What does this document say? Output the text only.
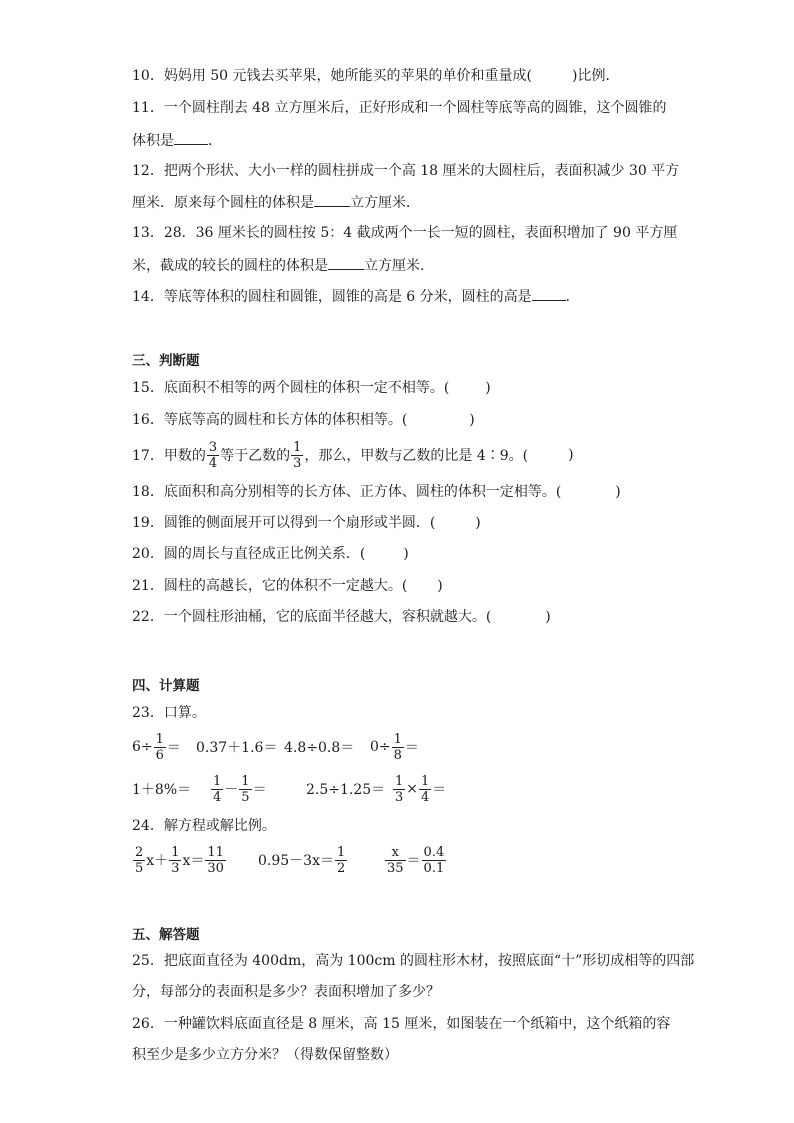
10．妈妈用 50 元钱去买苹果，她所能买的苹果的单价和重量成(	)比例．
11．一个圆柱削去 48 立方厘米后，正好形成和一个圆柱等底等高的圆锥，这个圆锥的
体积是 ．
12．把两个形状、大小一样的圆柱拼成一个高 18 厘米的大圆柱后，表面积减少 30 平方
厘米．原来每个圆柱的体积是	立方厘米．
13．28．36 厘米长的圆柱按 5：4 截成两个一长一短的圆柱，表面积增加了 90 平方厘
米，截成的较长的圆柱的体积是	立方厘米．
14．等底等体积的圆柱和圆锥，圆锥的高是 6 分米，圆柱的高是 ．
三、判断题
15．底面积不相等的两个圆柱的体积一定不相等。(	)
16．等底等高的圆柱和长方体的体积相等。(	)
17．甲数的 $\frac{3}{4}$ 等于乙数的 $\frac{1}{3}$ ，那么，甲数与乙数的比是 4∶9。(	)
18．底面积和高分别相等的长方体、正方体、圆柱的体积一定相等。(	)
19．圆锥的侧面展开可以得到一个扇形或半圆．(	)
20．圆的周长与直径成正比例关系．(	)
21．圆柱的高越长，它的体积不一定越大。( )
22．一个圆柱形油桶，它的底面半径越大，容积就越大。(	)
四、计算题
23．口算。
$6\div \frac{1}{6} = 0.37+1.6= 4.8\div 0.8= 0\div \frac{1}{8}$ ＝
$1+8\%= \frac{1}{4} - \frac{1}{5}$ ＝	$2.5\div 1.25= \frac{1}{3} \times \frac{1}{4}$ ＝
24．解方程或解比例。
$\frac{2}{5} x+ \frac{1}{3} x= \frac{11}{30} 0.95-3x= \frac{1}{2}$	$\frac{x}{35} = \frac{0.4}{0.1}$
五、解答题
25．把底面直径为 400dm，高为 100cm 的圆柱形木材，按照底面“十”形切成相等的四部
分，每部分的表面积是多少？表面积增加了多少？
26．一种罐饮料底面直径是 8 厘米，高 15 厘米，如图装在一个纸箱中，这个纸箱的容
积至少是多少立方分米？（得数保留整数）
